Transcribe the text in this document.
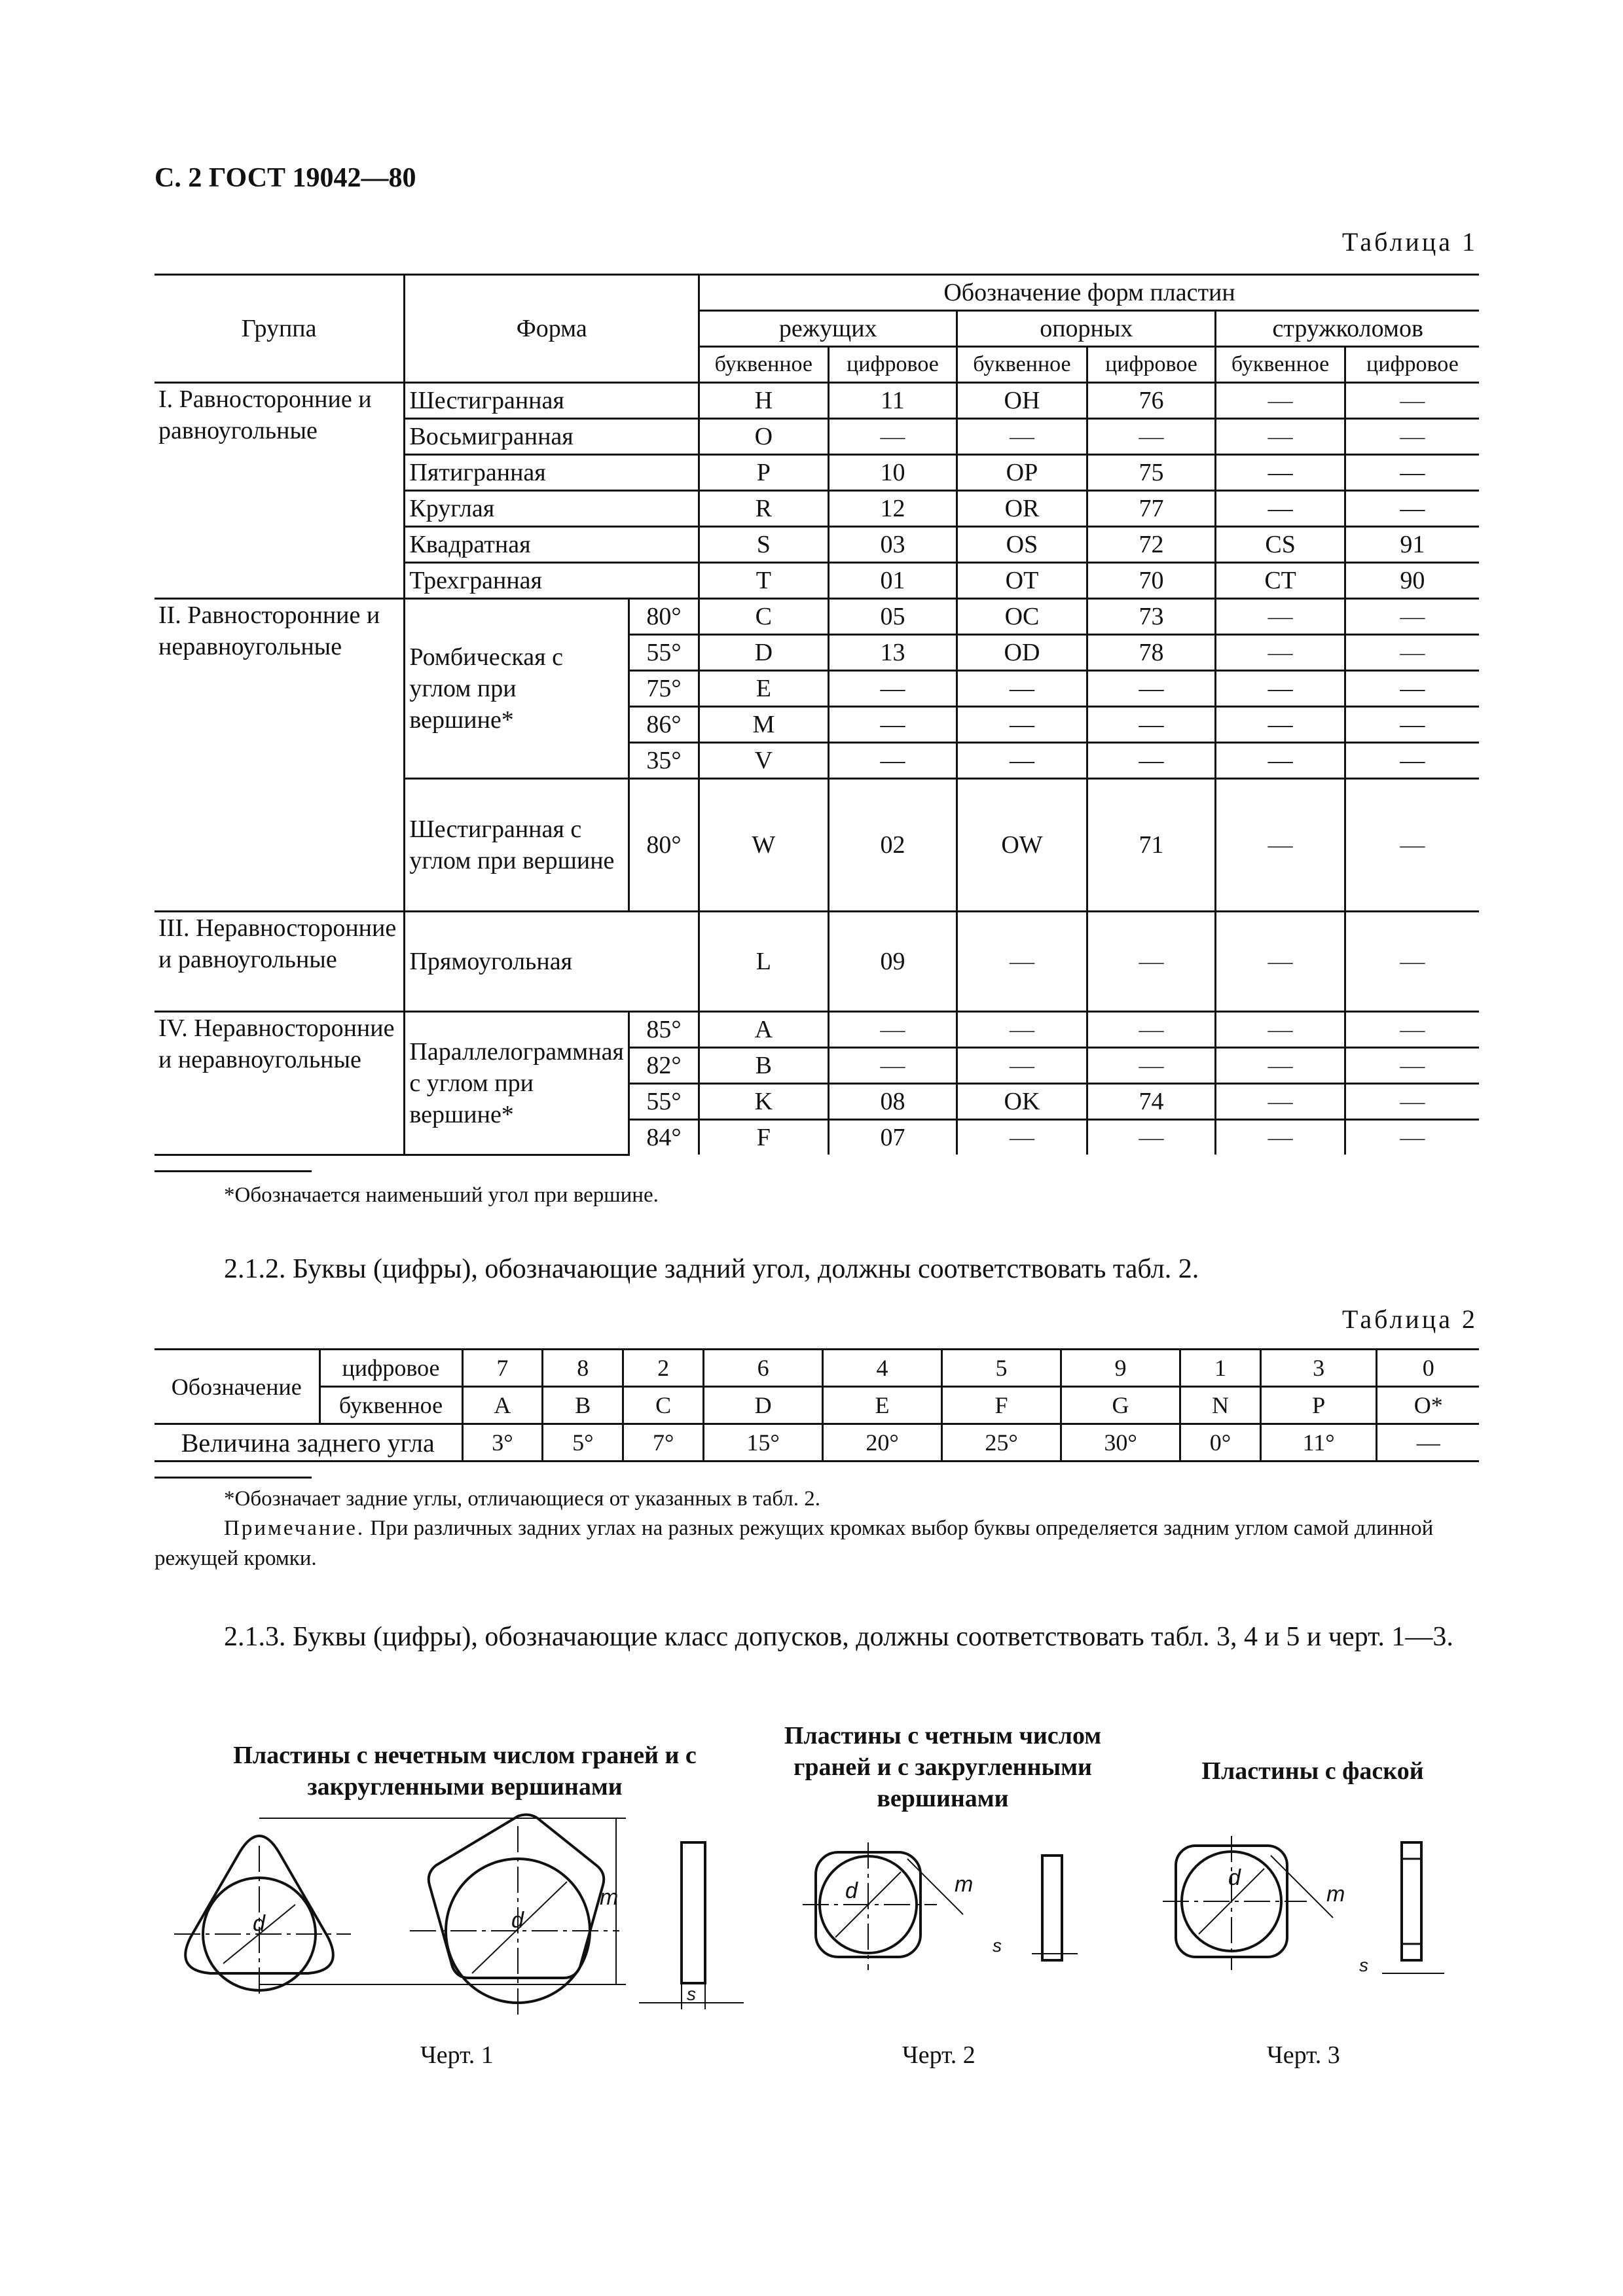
С. 2 ГОСТ 19042—80
Таблица 1
Группа	Форма		Обозначение форм пластин					
			режущих		опорных		стружколомов	
			буквенное	цифровое	буквенное	цифровое	буквенное	цифровое
I. Равносторонние и равноугольные	Шестигранная		H	11	OH	76	—	—
	Восьмигранная		O	—	—	—	—	—
	Пятигранная		P	10	OP	75	—	—
	Круглая		R	12	OR	77	—	—
	Квадратная		S	03	OS	72	CS	91
	Трехгранная		T	01	OT	70	CT	90
II. Равносторонние и неравноугольные	Ромбическая с углом при вершине*	80°	C	05	OC	73	—	—
		55°	D	13	OD	78	—	—
		75°	E	—	—	—	—	—
		86°	M	—	—	—	—	—
		35°	V	—	—	—	—	—
	Шестигранная с углом при вершине	80°	W	02	OW	71	—	—
III. Неравносторонние и равноугольные	Прямоугольная		L	09	—	—	—	—
IV. Неравносторонние и неравноугольные	Параллелограммная с углом при вершине*	85°	A	—	—	—	—	—
		82°	B	—	—	—	—	—
		55°	K	08	OK	74	—	—
		84°	F	07	—	—	—	—
*Обозначается наименьший угол при вершине.
2.1.2. Буквы (цифры), обозначающие задний угол, должны соответствовать табл. 2.
Таблица 2
Обозначение	цифровое	7	8	2	6	4	5	9	1	3	0
	буквенное	A	B	C	D	E	F	G	N	P	O*
Величина заднего угла		3°	5°	7°	15°	20°	25°	30°	0°	11°	—
*Обозначает задние углы, отличающиеся от указанных в табл. 2.
Примечание. При различных задних углах на разных режущих кромках выбор буквы определяется задним углом самой длинной режущей кромки.
2.1.3. Буквы (цифры), обозначающие класс допусков, должны соответствовать табл. 3, 4 и 5 и черт. 1—3.
Пластины с нечетным числом граней и с закругленными вершинами
Пластины с четным числом граней и с закругленными вершинами
Пластины с фаской
d	d
m
s
d	m
s
d
m
s
Черт. 1	Черт. 2	Черт. 3
